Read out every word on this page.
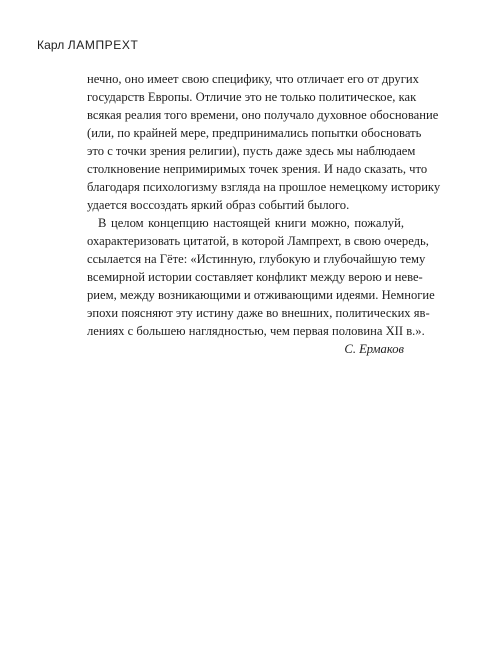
Карл ЛАМПРЕХТ
нечно, оно имеет свою специфику, что отличает его от других
государств Европы. Отличие это не только политическое, как
всякая реалия того времени, оно получало духовное обоснование
(или, по крайней мере, предпринимались попытки обосновать
это с точки зрения религии), пусть даже здесь мы наблюдаем
столкновение непримиримых точек зрения. И надо сказать, что
благодаря психологизму взгляда на прошлое немецкому историку
удается воссоздать яркий образ событий былого.
В целом концепцию настоящей книги можно, пожалуй,
охарактеризовать цитатой, в которой Лампрехт, в свою очередь,
ссылается на Гёте: «Истинную, глубокую и глубочайшую тему
всемирной истории составляет конфликт между верою и неве-
рием, между возникающими и отживающими идеями. Немногие
эпохи поясняют эту истину даже во внешних, политических яв-
лениях с большею наглядностью, чем первая половина XII в.».
С. Ермаков
